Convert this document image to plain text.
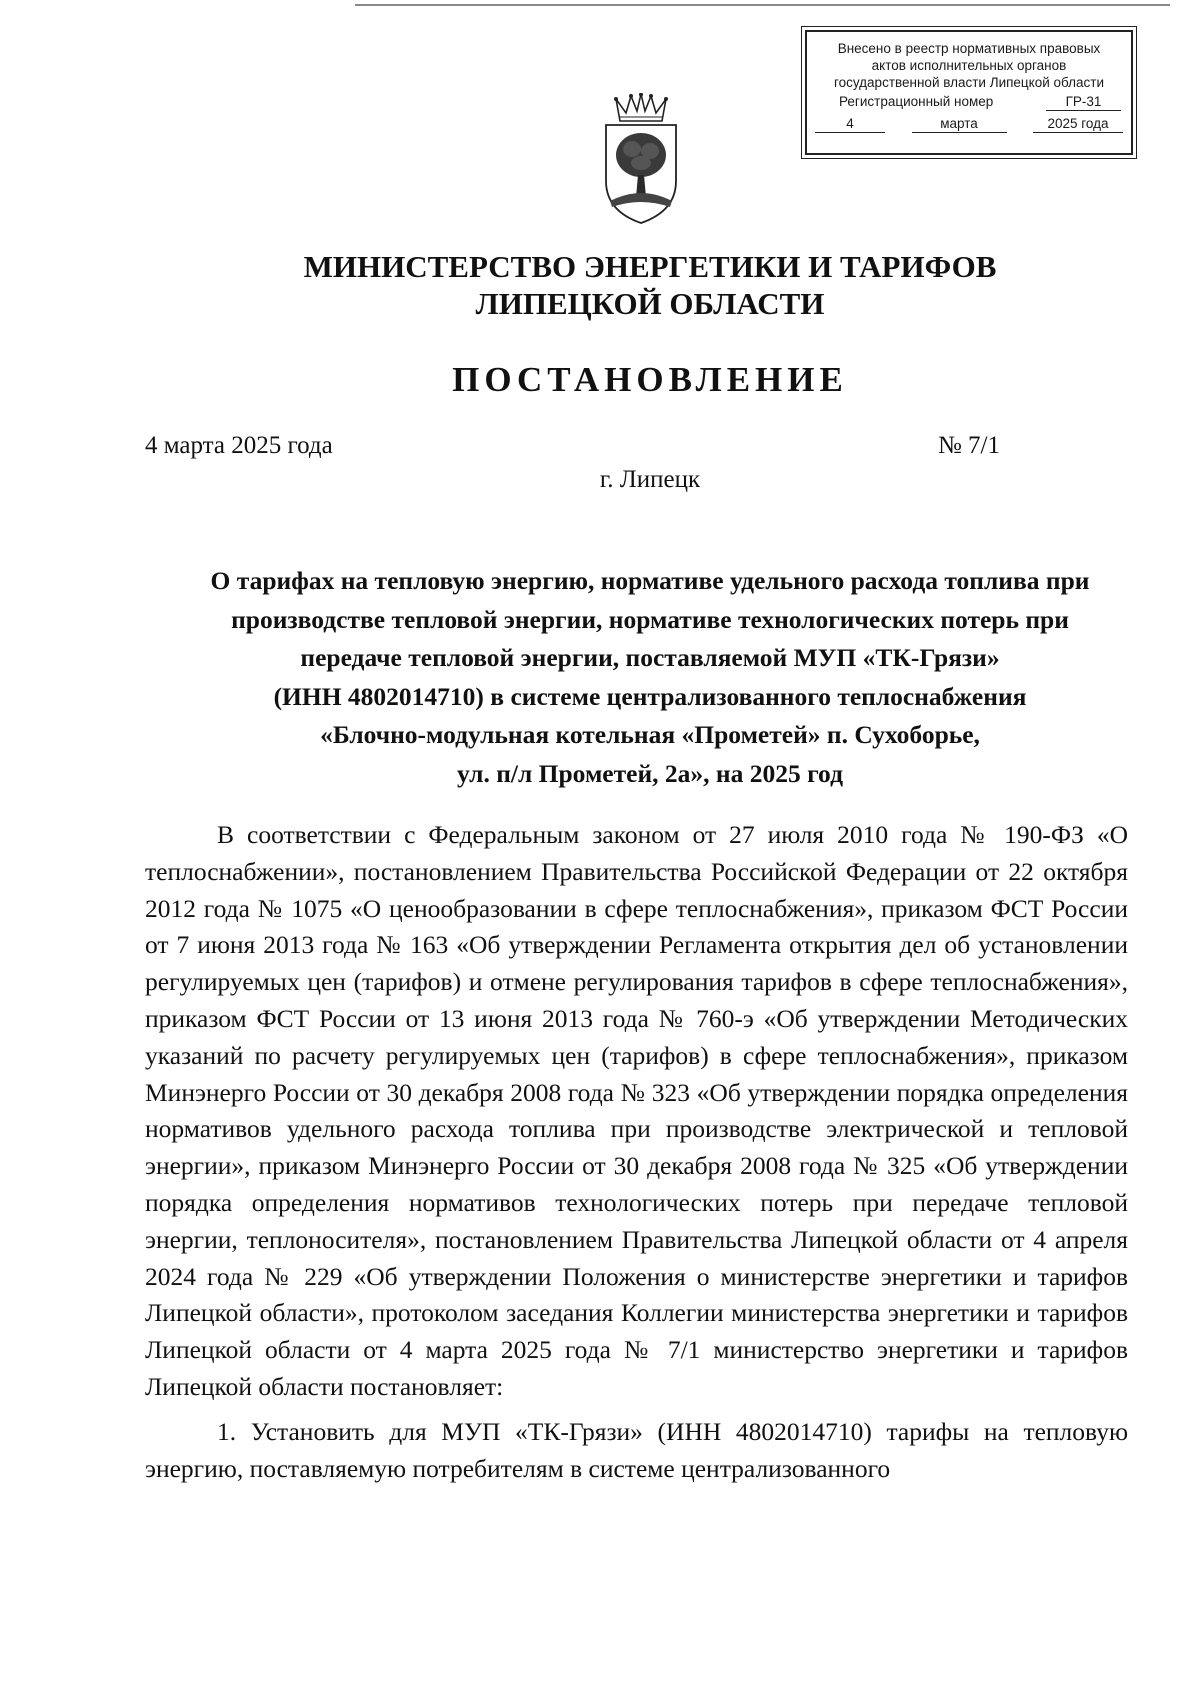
Внесено в реестр нормативных правовых
актов исполнительных органов
государственной власти Липецкой области
Регистрационный номер	ГР-31
4	марта	2025 года
МИНИСТЕРСТВО ЭНЕРГЕТИКИ И ТАРИФОВ
ЛИПЕЦКОЙ ОБЛАСТИ
ПОСТАНОВЛЕНИЕ
4 марта 2025 года	№ 7/1
г. Липецк
О тарифах на тепловую энергию, нормативе удельного расхода топлива при
производстве тепловой энергии, нормативе технологических потерь при
передаче тепловой энергии, поставляемой МУП «ТК-Грязи»
(ИНН 4802014710) в системе централизованного теплоснабжения
«Блочно-модульная котельная «Прометей» п. Сухоборье,
ул. п/л Прометей, 2а», на 2025 год

В соответствии с Федеральным законом от 27 июля 2010 года № 190-ФЗ «О теплоснабжении», постановлением Правительства Российской Федерации от 22 октября 2012 года № 1075 «О ценообразовании в сфере теплоснабжения», приказом ФСТ России от 7 июня 2013 года № 163 «Об утверждении Регламента открытия дел об установлении регулируемых цен (тарифов) и отмене регулирования тарифов в сфере теплоснабжения», приказом ФСТ России от 13 июня 2013 года № 760-э «Об утверждении Методических указаний по расчету регулируемых цен (тарифов) в сфере теплоснабжения», приказом Минэнерго России от 30 декабря 2008 года № 323 «Об утверждении порядка определения нормативов удельного расхода топлива при производстве электрической и тепловой энергии», приказом Минэнерго России от 30 декабря 2008 года № 325 «Об утверждении порядка определения нормативов технологических потерь при передаче тепловой энергии, теплоносителя», постановлением Правительства Липецкой области от 4 апреля 2024 года № 229 «Об утверждении Положения о министерстве энергетики и тарифов Липецкой области», протоколом заседания Коллегии министерства энергетики и тарифов Липецкой области от 4 марта 2025 года № 7/1 министерство энергетики и тарифов Липецкой области постановляет:

1. Установить для МУП «ТК-Грязи» (ИНН 4802014710) тарифы на тепловую энергию, поставляемую потребителям в системе централизованного
